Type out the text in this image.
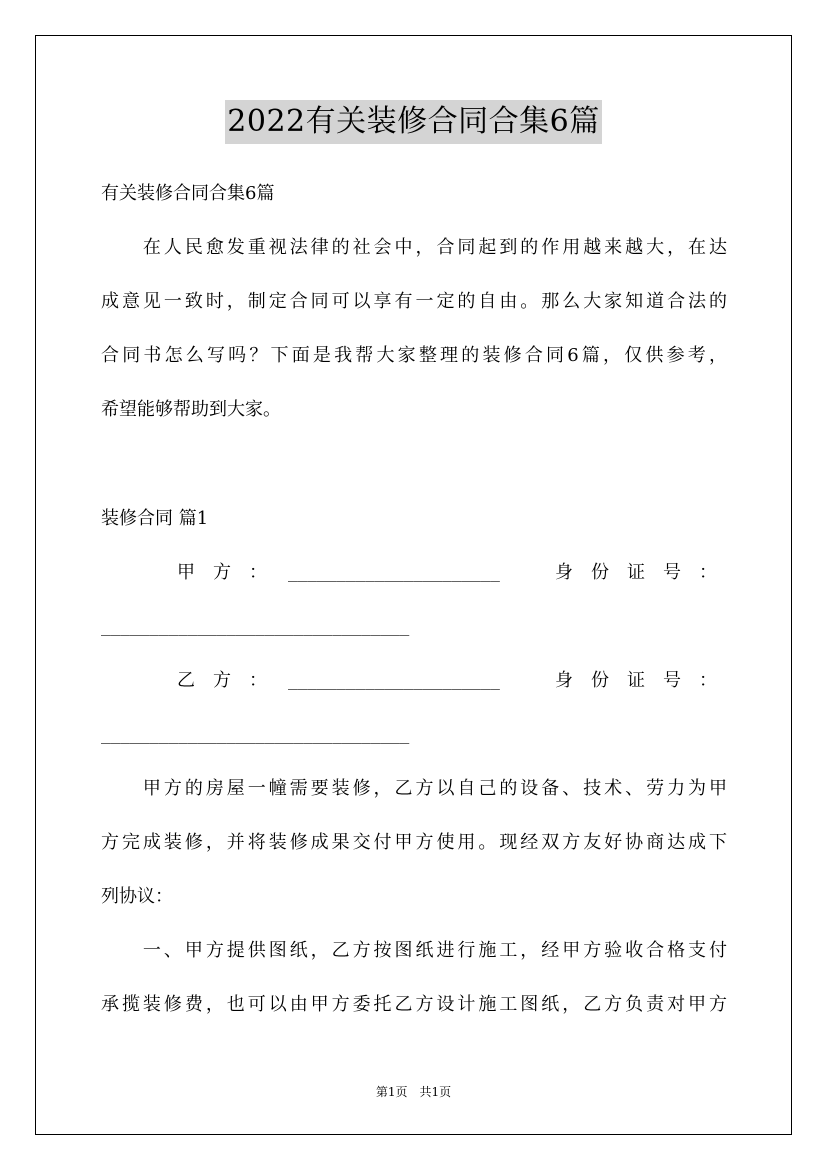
2022有关装修合同合集6篇
有关装修合同合集6篇
　　在人民愈发重视法律的社会中，合同起到的作用越来越大，在达
成意见一致时，制定合同可以享有一定的自由。那么大家知道合法的
合同书怎么写吗？下面是我帮大家整理的装修合同6篇，仅供参考，
希望能够帮助到大家。
装修合同 篇1
甲　方　： ______________________	身　份　证　号　：
________________________________
乙　方　： ______________________	身　份　证　号　：
________________________________
　　甲方的房屋一幢需要装修，乙方以自己的设备、技术、劳力为甲
方完成装修，并将装修成果交付甲方使用。现经双方友好协商达成下
列协议：
　　一、甲方提供图纸，乙方按图纸进行施工，经甲方验收合格支付
承揽装修费，也可以由甲方委托乙方设计施工图纸，乙方负责对甲方
第1页　共1页
